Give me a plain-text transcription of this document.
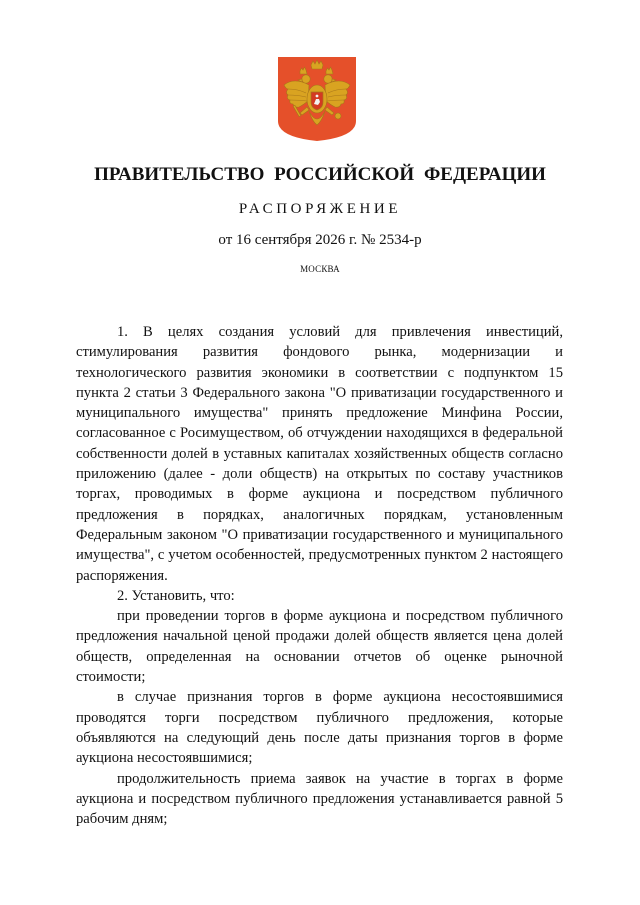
ПРАВИТЕЛЬСТВО РОССИЙСКОЙ ФЕДЕРАЦИИ
РАСПОРЯЖЕНИЕ
от 16 сентября 2026 г. № 2534-р
МОСКВА

1. В целях создания условий для привлечения инвестиций, стимулирования развития фондового рынка, модернизации и технологического развития экономики в соответствии с подпунктом 15 пункта 2 статьи 3 Федерального закона "О приватизации государственного и муниципального имущества" принять предложение Минфина России, согласованное с Росимуществом, об отчуждении находящихся в федеральной собственности долей в уставных капиталах хозяйственных обществ согласно приложению (далее - доли обществ) на открытых по составу участников торгах, проводимых в форме аукциона и посредством публичного предложения в порядках, аналогичных порядкам, установленным Федеральным законом "О приватизации государственного и муниципального имущества", с учетом особенностей, предусмотренных пунктом 2 настоящего распоряжения.

2. Установить, что:

при проведении торгов в форме аукциона и посредством публичного предложения начальной ценой продажи долей обществ является цена долей обществ, определенная на основании отчетов об оценке рыночной стоимости;

в случае признания торгов в форме аукциона несостоявшимися проводятся торги посредством публичного предложения, которые объявляются на следующий день после даты признания торгов в форме аукциона несостоявшимися;

продолжительность приема заявок на участие в торгах в форме аукциона и посредством публичного предложения устанавливается равной 5 рабочим дням;
